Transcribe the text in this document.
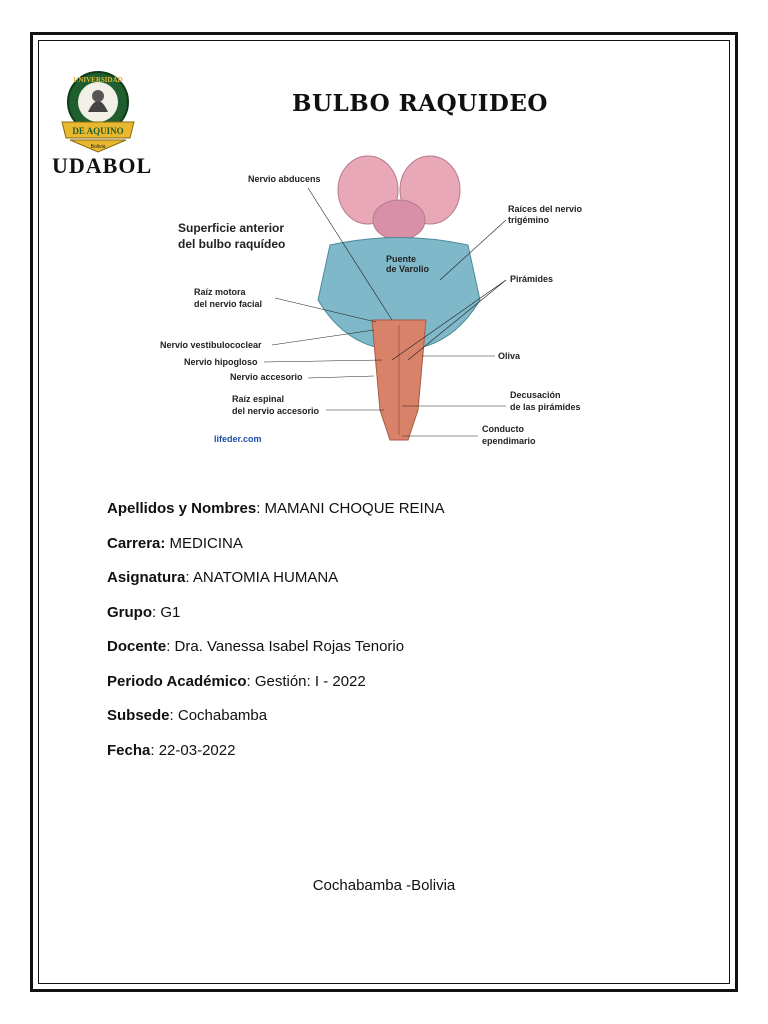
UNIVERSIDAD
DE AQUINO
Bolivia
UDABOL
BULBO RAQUIDEO
Superficie anterior
del bulbo raquídeo
Nervio abducens
Raíces del nervio
trigémino
Puente
de Varolio
Pirámides
Raíz motora
del nervio facial
Nervio vestibulococlear
Nervio hipogloso
Oliva
Nervio accesorio
Raíz espinal
del nervio accesorio
Decusación
de las pirámides
Conducto
ependimario
lifeder.com
Apellidos y Nombres: MAMANI CHOQUE REINA
Carrera: MEDICINA
Asignatura: ANATOMIA HUMANA
Grupo: G1
Docente: Dra. Vanessa Isabel Rojas Tenorio
Periodo Académico: Gestión: I - 2022
Subsede: Cochabamba
Fecha: 22-03-2022
Cochabamba -Bolivia
